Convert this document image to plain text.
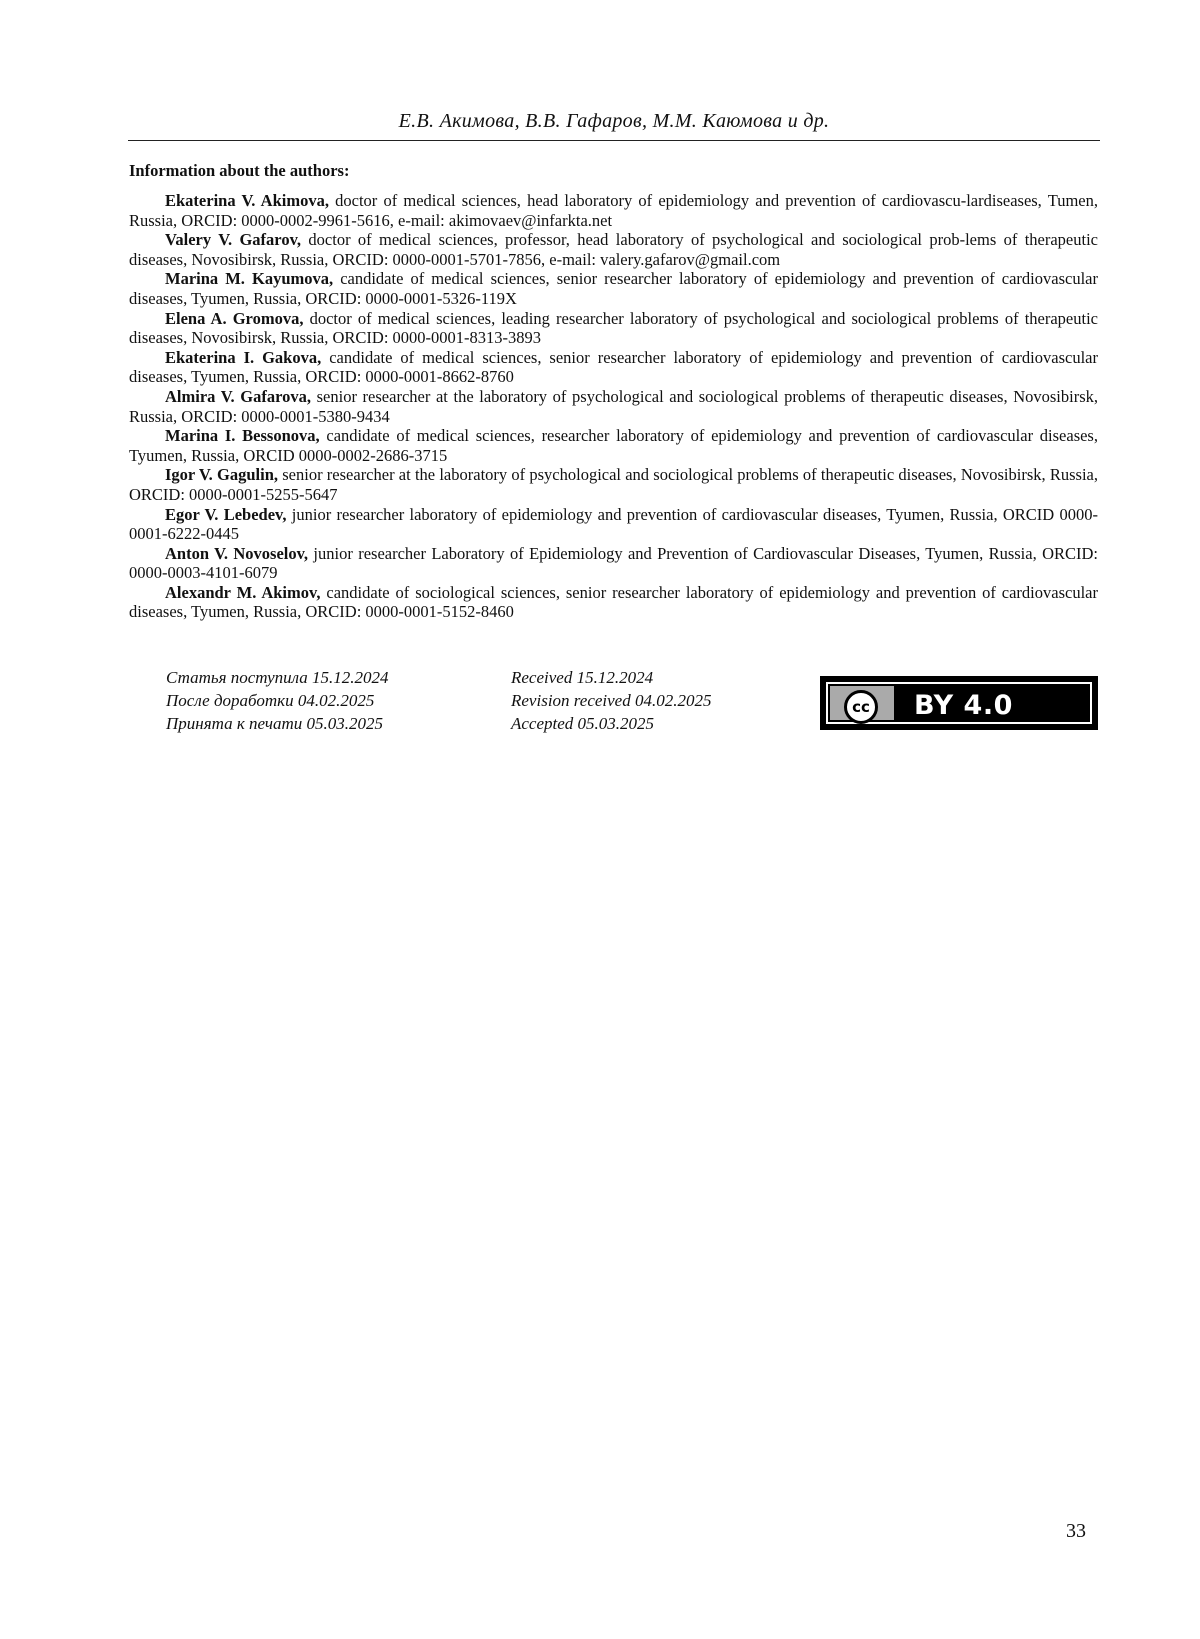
Е.В. Акимова, В.В. Гафаров, М.М. Каюмова и др.
Information about the authors:

Ekaterina V. Akimova, doctor of medical sciences, head laboratory of epidemiology and prevention of cardiovascu-lardiseases, Tumen, Russia, ORCID: 0000-0002-9961-5616, e-mail: akimovaev@infarkta.net

Valery V. Gafarov, doctor of medical sciences, professor, head laboratory of psychological and sociological prob-lems of therapeutic diseases, Novosibirsk, Russia, ORCID: 0000-0001-5701-7856, e-mail: valery.gafarov@gmail.com

Marina M. Kayumova, candidate of medical sciences, senior researcher laboratory of epidemiology and prevention of cardiovascular diseases, Tyumen, Russia, ORCID: 0000-0001-5326-119X

Elena A. Gromova, doctor of medical sciences, leading researcher laboratory of psychological and sociological problems of therapeutic diseases, Novosibirsk, Russia, ORCID: 0000-0001-8313-3893

Ekaterina I. Gakova, candidate of medical sciences, senior researcher laboratory of epidemiology and prevention of cardiovascular diseases, Tyumen, Russia, ORCID: 0000-0001-8662-8760

Almira V. Gafarova, senior researcher at the laboratory of psychological and sociological problems of therapeutic diseases, Novosibirsk, Russia, ORCID: 0000-0001-5380-9434

Marina I. Bessonova, candidate of medical sciences, researcher laboratory of epidemiology and prevention of cardiovascular diseases, Tyumen, Russia, ORCID 0000-0002-2686-3715

Igor V. Gagulin, senior researcher at the laboratory of psychological and sociological problems of therapeutic diseases, Novosibirsk, Russia, ORCID: 0000-0001-5255-5647

Egor V. Lebedev, junior researcher laboratory of epidemiology and prevention of cardiovascular diseases, Tyumen, Russia, ORCID 0000-0001-6222-0445

Anton V. Novoselov, junior researcher Laboratory of Epidemiology and Prevention of Cardiovascular Diseases, Tyumen, Russia, ORCID: 0000-0003-4101-6079

Alexandr M. Akimov, candidate of sociological sciences, senior researcher laboratory of epidemiology and prevention of cardiovascular diseases, Tyumen, Russia, ORCID: 0000-0001-5152-8460

Статья поступила 15.12.2024
После доработки 04.02.2025
Принята к печати 05.03.2025
Received 15.12.2024
Revision received 04.02.2025
Accepted 05.03.2025
cc	BY 4.0
33
